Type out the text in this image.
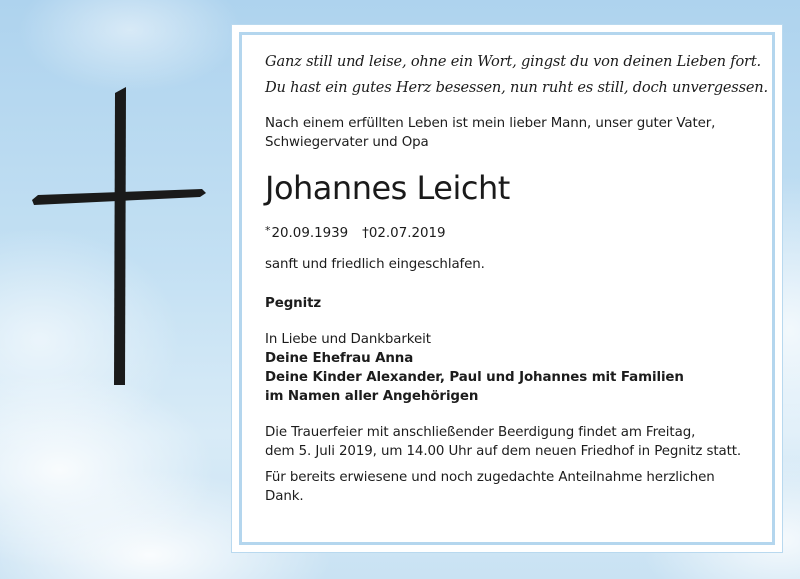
Ganz still und leise, ohne ein Wort, gingst du von deinen Lieben fort.
Du hast ein gutes Herz besessen, nun ruht es still, doch unvergessen.
Nach einem erfüllten Leben ist mein lieber Mann, unser guter Vater,
Schwiegervater und Opa
Johannes Leicht
*20.09.1939 †02.07.2019
sanft und friedlich eingeschlafen.
Pegnitz
In Liebe und Dankbarkeit
Deine Ehefrau Anna
Deine Kinder Alexander, Paul und Johannes mit Familien
im Namen aller Angehörigen
Die Trauerfeier mit anschließender Beerdigung findet am Freitag,
dem 5. Juli 2019, um 14.00 Uhr auf dem neuen Friedhof in Pegnitz statt.
Für bereits erwiesene und noch zugedachte Anteilnahme herzlichen
Dank.
